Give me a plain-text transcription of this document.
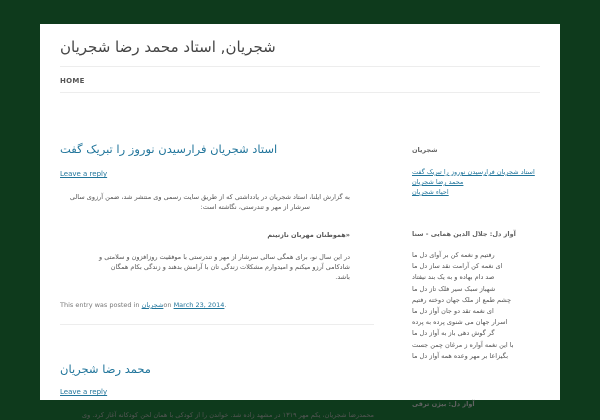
شجریان, استاد محمد رضا شجریان
HOME
استاد شجریان فرارسیدن نوروز را تبریک گفت
Leave a reply
به گزارش ایلنا، استاد شجریان در یادداشتی که از طریق سایت رسمی وی منتشر شد، ضمن آرزوی سالی
سرشار از مهر و تندرستی، نگاشته است:
«هموطنان مهربان نازنینم
در این سال نو، برای همگی سالی سرشار از مهر و تندرستی با موفقیت روزافزون و سلامتی و
شادکامی آرزو میکنم و امیدوارم مشکلات زندگی تان با آرامش بدهند و زندگی بکام همگان
باشد.
This entry was posted in شجریانon March 23, 2014.
محمد رضا شجریان
Leave a reply
محمدرضا شجریان، یکم مهر ۱۳۱۹ در مشهد زاده شد. خواندن را از کودکی با همان لحن کودکانه آغاز کرد. وی
شجریان
استاد شجریان فرارسیدن نوروز را تبریک گفت
محمد رضا شجریان
احیاء شجریان
آواز دل: جلال الدین همایی - سنا
رفتیم و نغمه کن بر آوای دل ما
ای نغمه کن آرامت نقد ساز دل ما
صد دام بهاده و به یک بند نیفتاد
شهباز سبک سیر فلک تاز دل ما
چشم طمع از ملک جهان دوخته رفتیم
ای نغمه تقد دو جان آواز دل ما
اسرار جهان می شنوی پرده به پرده
گر گوش دهی باز به آواز دل ما
با این نغمه آواره ز مرغان چمن جست
بگیزاعا بر مهر وعده همه آواز دل ما
آواز دل: بیژن ترقی
